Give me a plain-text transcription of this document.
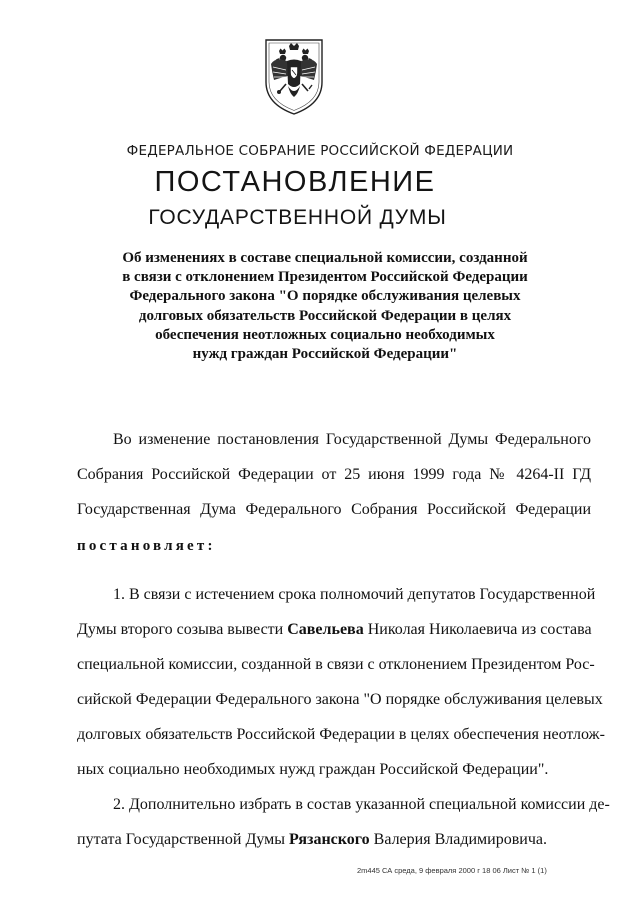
ФЕДЕРАЛЬНОЕ СОБРАНИЕ РОССИЙСКОЙ ФЕДЕРАЦИИ
ПОСТАНОВЛЕНИЕ
ГОСУДАРСТВЕННОЙ ДУМЫ
Об изменениях в составе специальной комиссии, созданной
в связи с отклонением Президентом Российской Федерации
Федерального закона "О порядке обслуживания целевых
долговых обязательств Российской Федерации в целях
обеспечения неотложных социально необходимых
нужд граждан Российской Федерации"
Во изменение постановления Государственной Думы Федерального
Собрания Российской Федерации от 25 июня 1999 года № 4264-II ГД
Государственная Дума Федерального Собрания Российской Федерации
постановляет:
1. В связи с истечением срока полномочий депутатов Государственной
Думы второго созыва вывести Савельева Николая Николаевича из состава
специальной комиссии, созданной в связи с отклонением Президентом Рос-
сийской Федерации Федерального закона "О порядке обслуживания целевых
долговых обязательств Российской Федерации в целях обеспечения неотлож-
ных социально необходимых нужд граждан Российской Федерации".
2. Дополнительно избрать в состав указанной специальной комиссии де-
путата Государственной Думы Рязанского Валерия Владимировича.
2m445 СА среда, 9 февраля 2000 г 18 06 Лист № 1 (1)
